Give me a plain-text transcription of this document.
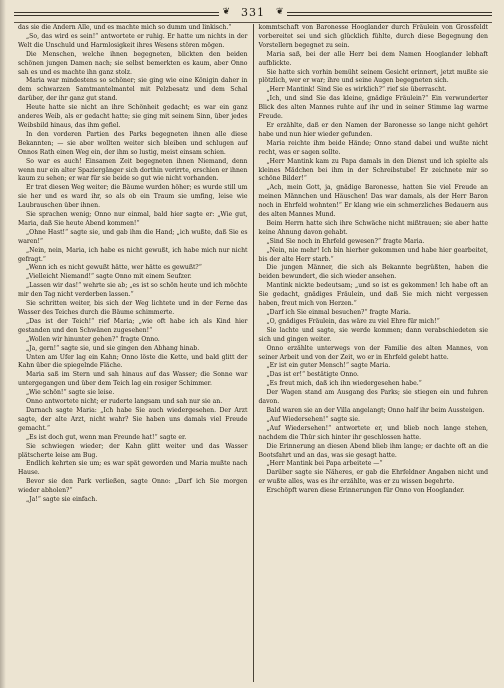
❦	331	❦

das sie die Andern Alle, und es machte mich so dumm und linkisch.“

„So, das wird es sein!“ antwortete er ruhig. Er hatte um nichts in der Welt die Unschuld und Harmlosigkeit ihres Wesens stören mögen.

Die Menschen, welche ihnen begegneten, blickten den beiden schönen jungen Damen nach; sie selbst bemerkten es kaum, aber Onno sah es und es machte ihn ganz stolz.

Maria war mindestens so schöner; sie ging wie eine Königin daher in dem schwarzen Samtmantelmantel mit Pelzbesatz und dem Schal darüber, der ihr ganz gut stand.

Heute hatte sie nicht an ihre Schönheit gedacht; es war ein ganz anderes Weib, als er gedacht hatte; sie ging mit seinem Sinn, über jedes Weibsbild hinaus, das ihm gefiel.

In den vorderen Partien des Parks begegneten ihnen alle diese Bekannten; — sie aber wollten weiter sich bleiben und schlugen auf Onnos Rath einen Weg ein, der ihm so lustig, meist einsam schien.

So war es auch! Einsamen Zeit begegneten ihnen Niemand, denn wenn nur ein alter Spaziergänger sich dorthin verirrte, erschien er ihnen kaum zu sehen; er war für sie beide so gut wie nicht vorhanden.

Er trat diesen Weg weiter; die Bäume wurden höher; es wurde still um sie her und es ward ihr, so als ob ein Traum sie umfing, leise wie Laubrauschen über ihnen.

Sie sprachen wenig; Onno nur einmal, bald hier sagte er: „Wie gut, Maria, daß Sie heute Abend kommen!“

„Ohne Hast!“ sagte sie, und gab ihm die Hand; „ich wußte, daß Sie es waren!“

„Nein, nein, Maria, ich habe es nicht gewußt, ich habe mich nur nicht gefragt.“

„Wenn ich es nicht gewußt hätte, wer hätte es gewußt?“

„Vielleicht Niemand!“ sagte Onno mit einem Seufzer.

„Lassen wir das!“ wehrte sie ab; „es ist so schön heute und ich möchte mir den Tag nicht verderben lassen.“

Sie schritten weiter, bis sich der Weg lichtete und in der Ferne das Wasser des Teiches durch die Bäume schimmerte.

„Das ist der Teich!“ rief Maria; „wie oft habe ich als Kind hier gestanden und den Schwänen zugesehen!“

„Wollen wir hinunter gehen?“ fragte Onno.

„Ja, gern!“ sagte sie, und sie gingen den Abhang hinab.

Unten am Ufer lag ein Kahn; Onno löste die Kette, und bald glitt der Kahn über die spiegelnde Fläche.

Maria saß im Stern und sah hinaus auf das Wasser; die Sonne war untergegangen und über dem Teich lag ein rosiger Schimmer.

„Wie schön!“ sagte sie leise.

Onno antwortete nicht; er ruderte langsam und sah nur sie an.

Darnach sagte Maria: „Ich habe Sie auch wiedergesehen. Der Arzt sagte, der alte Arzt, nicht wahr? Sie haben uns damals viel Freude gemacht.“

„Es ist doch gut, wenn man Freunde hat!“ sagte er.

Sie schwiegen wieder; der Kahn glitt weiter und das Wasser plätscherte leise am Bug.

Endlich kehrten sie um; es war spät geworden und Maria mußte nach Hause.

Bevor sie den Park verließen, sagte Onno: „Darf ich Sie morgen wieder abholen?“

„Ja!“ sagte sie einfach.

kommtschaft von Baronesse Hooglander durch Fräulein von Grossfeldt vorbereitet sei und sich glücklich fühlte, durch diese Begegnung den Vorstellern begegnet zu sein.

Maria saß, bei der alle Herr bei dem Namen Hooglander lebhaft aufblickte.

Sie hatte sich vorhin bemüht seinem Gesicht erinnert, jetzt mußte sie plötzlich, wer er war; ihre und seine Augen begegneten sich.

„Herr Mantink! Sind Sie es wirklich?“ rief sie überrascht.

„Ich, und sind Sie das kleine, gnädige Fräulein?“ Ein verwunderter Blick des alten Mannes ruhte auf ihr und in seiner Stimme lag warme Freude.

Er erzählte, daß er den Namen der Baronesse so lange nicht gehört habe und nun hier wieder gefunden.

Maria reichte ihm beide Hände; Onno stand dabei und wußte nicht recht, was er sagen sollte.

„Herr Mantink kam zu Papa damals in den Dienst und ich spielte als kleines Mädchen bei ihm in der Schreibstube! Er zeichnete mir so schöne Bilder!“

„Ach, mein Gott, ja, gnädige Baronesse, hatten Sie viel Freude an meinen Männchen und Häuschen! Das war damals, als der Herr Baron noch in Ehrfeld wohnten!“ Er klang wie ein schmerzliches Bedauern aus des alten Mannes Mund.

Beim Herrn hatte sich ihre Schwäche nicht mißtrauen; sie aber hatte keine Ahnung davon gehabt.

„Sind Sie noch in Ehrfeld gewesen?“ fragte Maria.

„Nein, nie mehr! Ich bin hierher gekommen und habe hier gearbeitet, bis der alte Herr starb.“

Die jungen Männer, die sich als Bekannte begrüßten, haben die beiden bewundert, die sich wieder ansehen.

Mantink nickte bedeutsam; „und so ist es gekommen! Ich habe oft an Sie gedacht, gnädiges Fräulein, und daß Sie mich nicht vergessen haben, freut mich von Herzen.“

„Darf ich Sie einmal besuchen?“ fragte Maria.

„O, gnädiges Fräulein, das wäre zu viel Ehre für mich!“

Sie lachte und sagte, sie werde kommen; dann verabschiedeten sie sich und gingen weiter.

Onno erzählte unterwegs von der Familie des alten Mannes, von seiner Arbeit und von der Zeit, wo er in Ehrfeld gelebt hatte.

„Er ist ein guter Mensch!“ sagte Maria.

„Das ist er!“ bestätigte Onno.

„Es freut mich, daß ich ihn wiedergesehen habe.“

Der Wagen stand am Ausgang des Parks; sie stiegen ein und fuhren davon.

Bald waren sie an der Villa angelangt; Onno half ihr beim Aussteigen.

„Auf Wiedersehen!“ sagte sie.

„Auf Wiedersehen!“ antwortete er, und blieb noch lange stehen, nachdem die Thür sich hinter ihr geschlossen hatte.

Die Erinnerung an diesen Abend blieb ihm lange; er dachte oft an die Bootsfahrt und an das, was sie gesagt hatte.

„Herr Mantink bei Papa arbeitete —“

Darüber sagte sie Näheres, er gab die Ehrfeldner Angaben nicht und er wußte alles, was es ihr erzählte, was er zu wissen begehrte.

Erschöpft waren diese Erinnerungen für Onno von Hooglander.
